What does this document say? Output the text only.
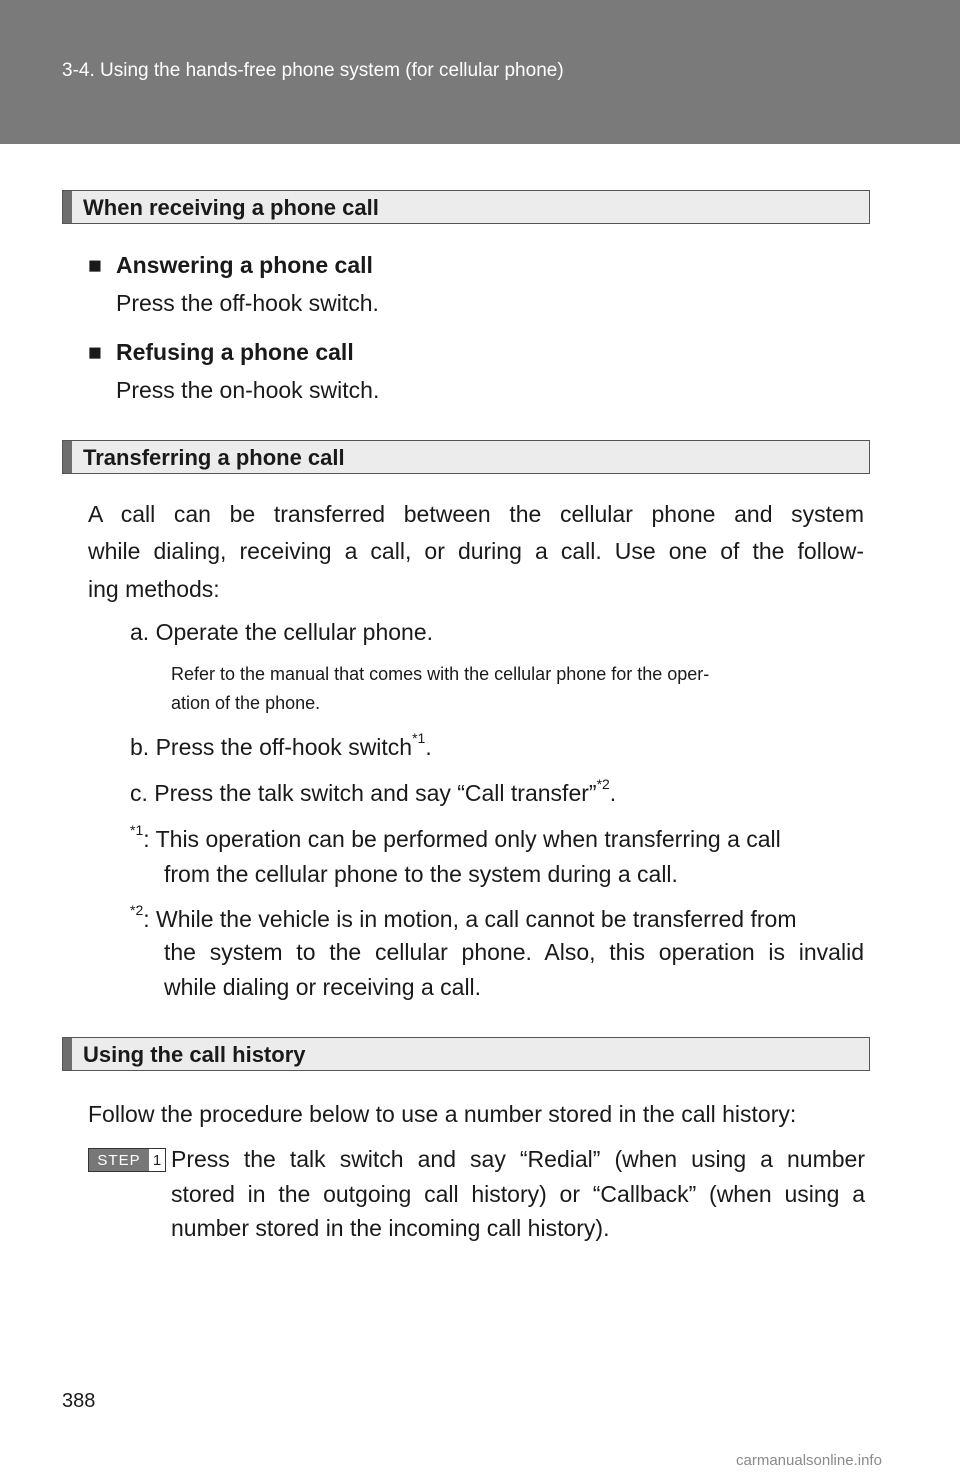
3-4. Using the hands-free phone system (for cellular phone)
When receiving a phone call
■ Answering a phone call
Press the off-hook switch.
■ Refusing a phone call
Press the on-hook switch.
Transferring a phone call
A call can be transferred between the cellular phone and system
while dialing, receiving a call, or during a call. Use one of the follow-
ing methods:
a. Operate the cellular phone.
Refer to the manual that comes with the cellular phone for the oper-
ation of the phone.
b. Press the off-hook switch$^{*1}$.
c. Press the talk switch and say “Call transfer”$^{*2}$.
$^{*1}$: This operation can be performed only when transferring a call
from the cellular phone to the system during a call.
$^{*2}$: While the vehicle is in motion, a call cannot be transferred from
the system to the cellular phone. Also, this operation is invalid
while dialing or receiving a call.
Using the call history
Follow the procedure below to use a number stored in the call history:
STEP 1 Press the talk switch and say “Redial” (when using a number
stored in the outgoing call history) or “Callback” (when using a
number stored in the incoming call history).
388
carmanualsonline.info
